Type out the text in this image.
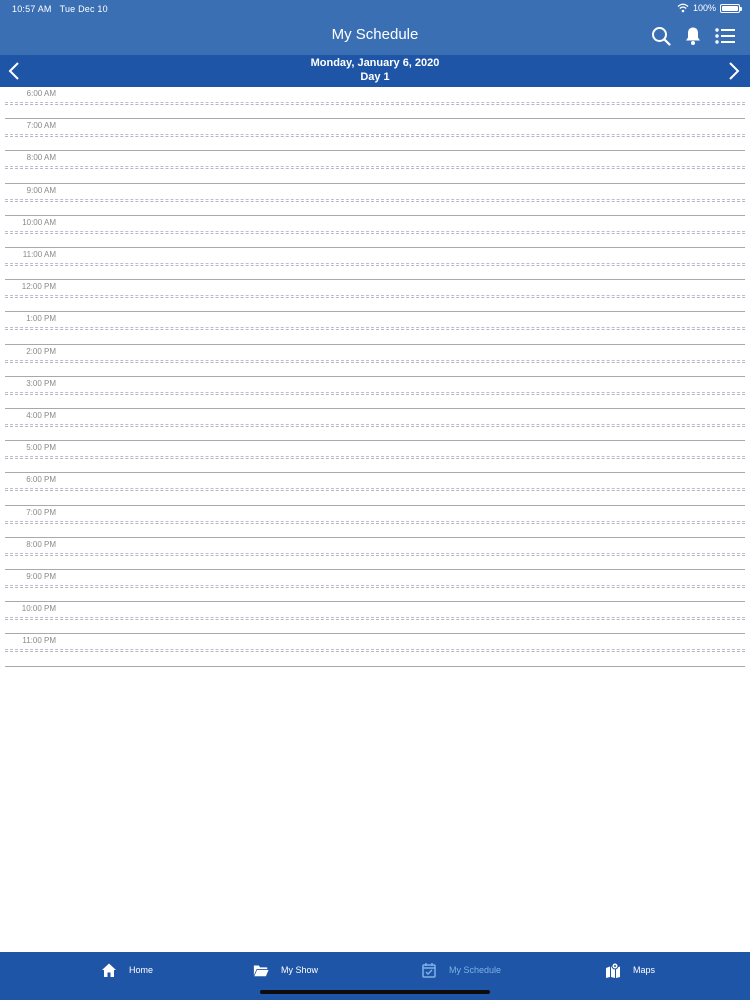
10:57 AM Tue Dec 10	100%
My Schedule
Monday, January 6, 2020
Day 1
6:00 AM
7:00 AM
8:00 AM
9:00 AM
10:00 AM
11:00 AM
12:00 PM
1:00 PM
2:00 PM
3:00 PM
4:00 PM
5:00 PM
6:00 PM
7:00 PM
8:00 PM
9:00 PM
10:00 PM
11:00 PM
Home	My Show	My Schedule	Maps
